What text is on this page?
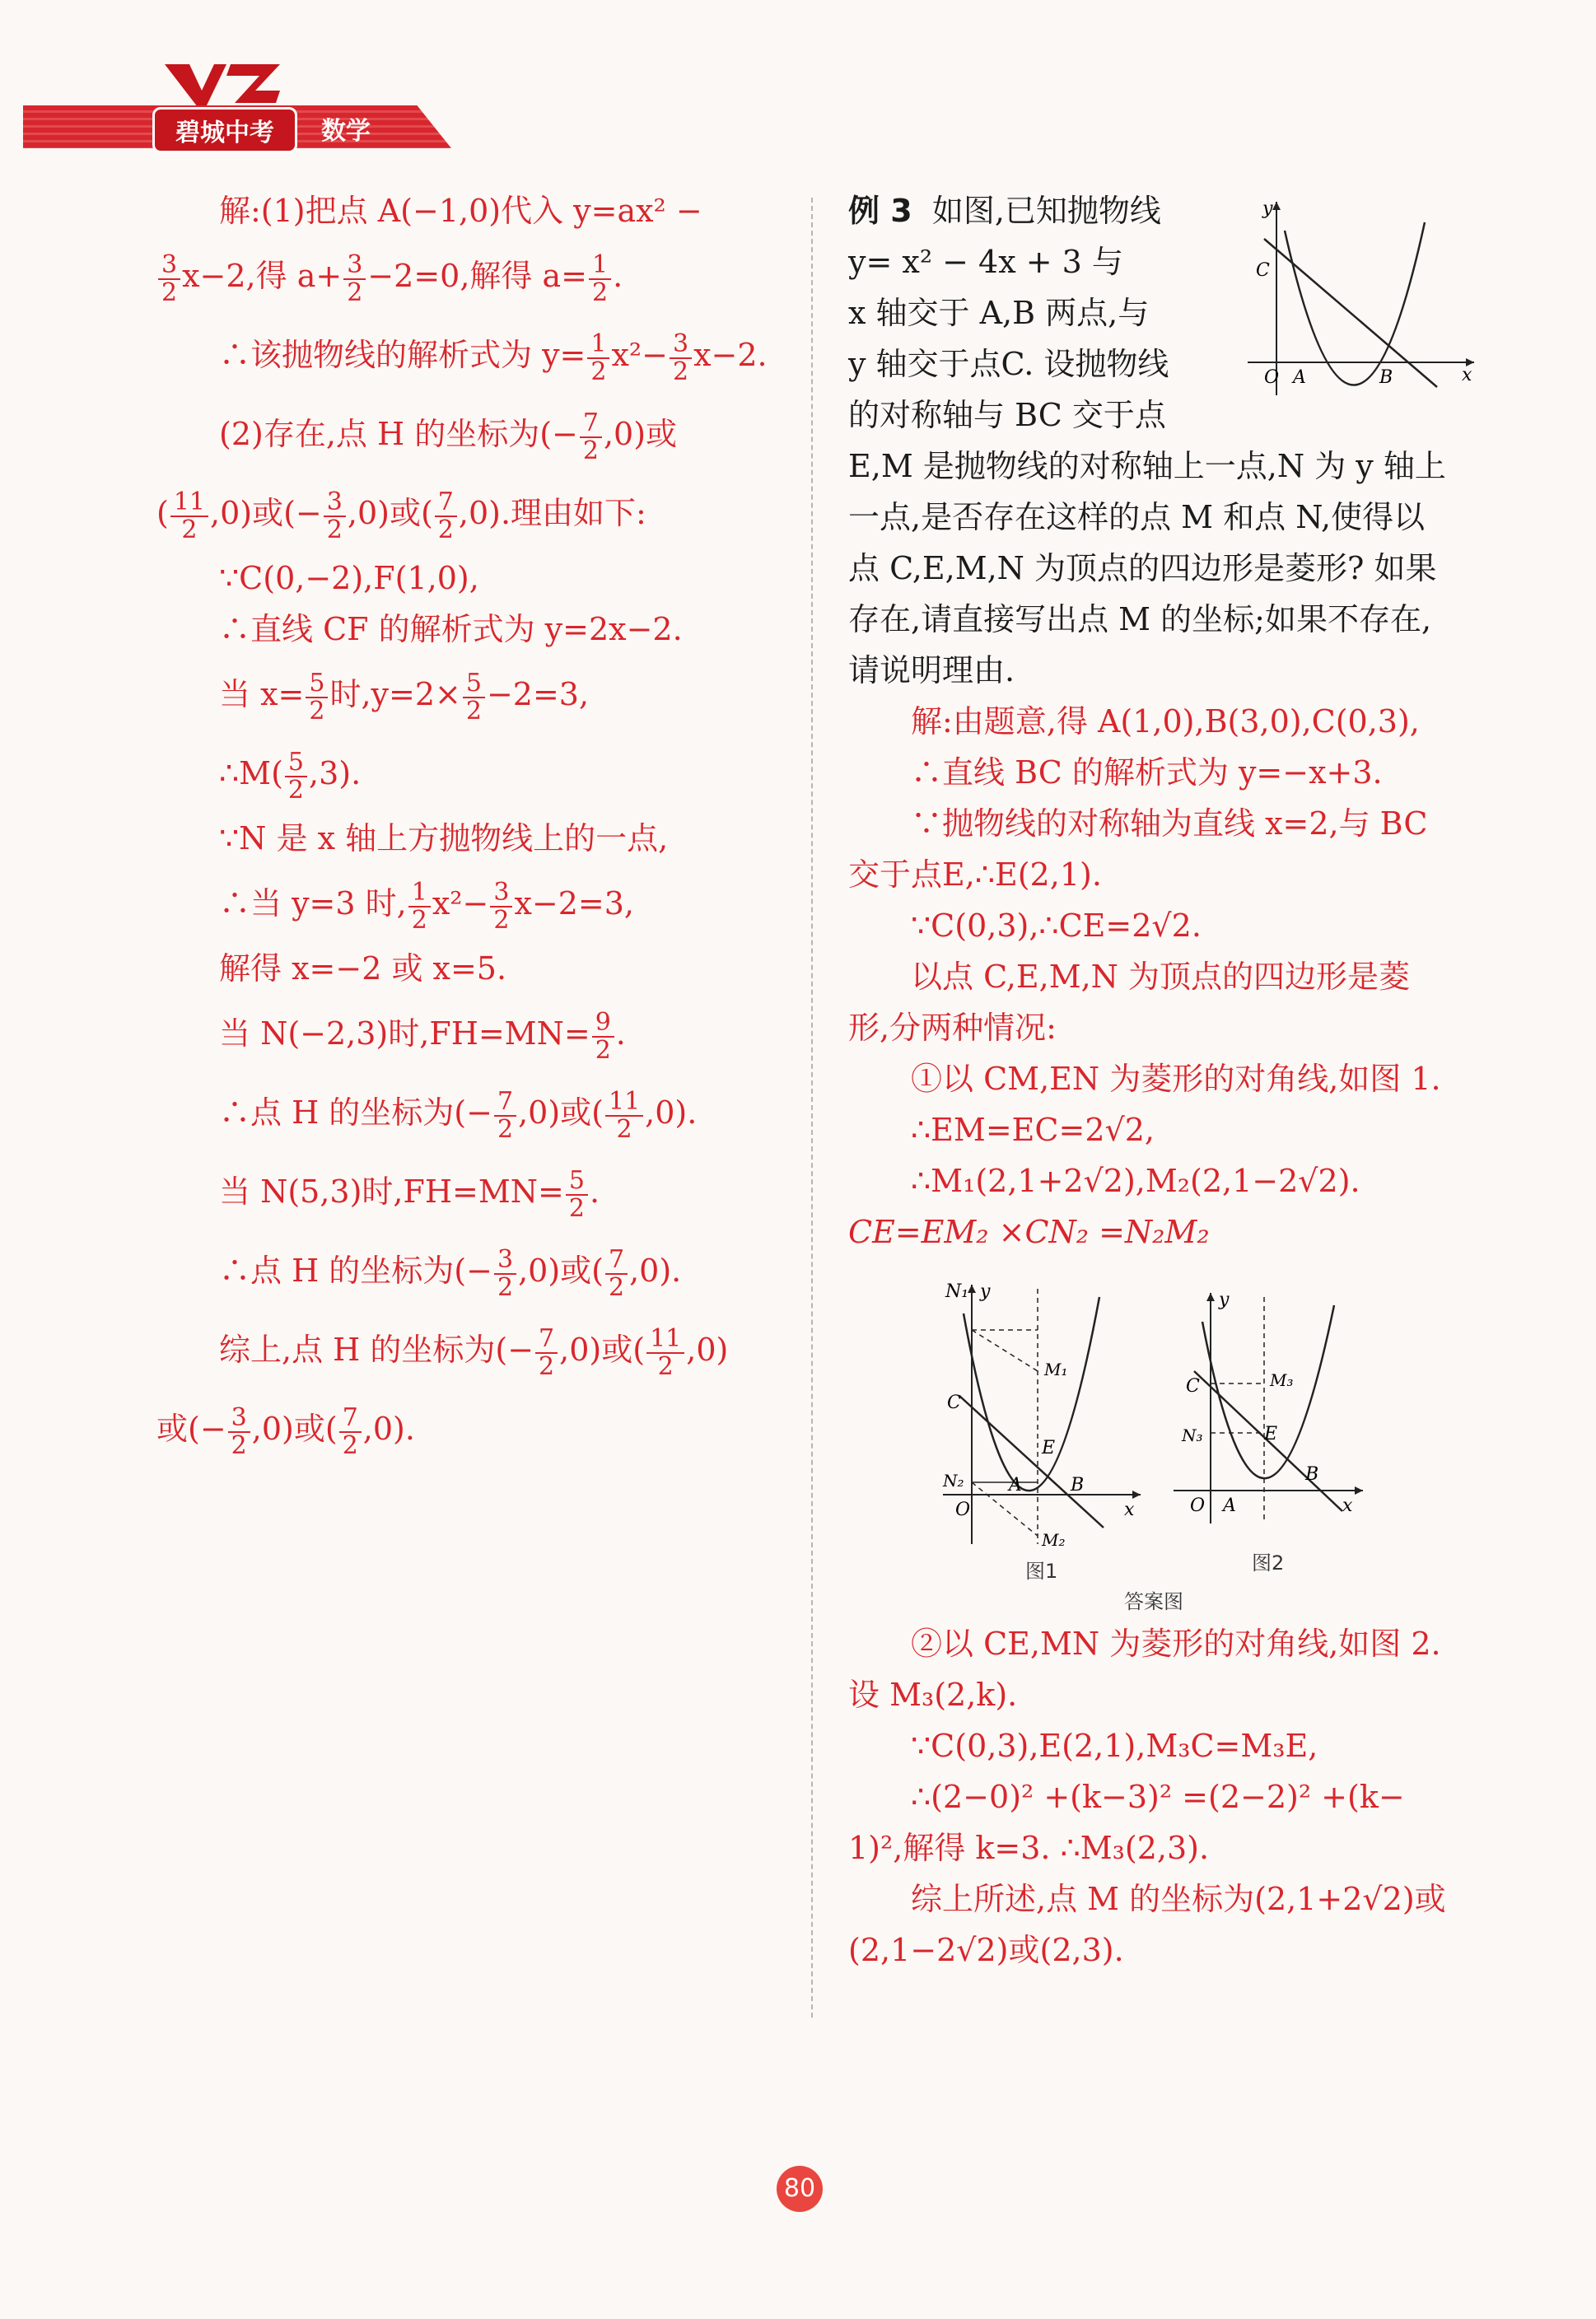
碧城中考	数学
解:(1)把点 A(−1,0)代入 y=ax² −
$\frac{3}{2} x-2$,得 $a+ \frac{3}{2} -2=0$,解得 $a= \frac{1}{2}$ .
∴该抛物线的解析式为 $y= \frac{1}{2} x^2- \frac{3}{2} x-2$.
(2)存在,点 H 的坐标为(− $\frac{7}{2} ,0$)或
( $\frac{11}{2} ,0$)或(− $\frac{3}{2} ,0$)或( $\frac{7}{2} ,0$).理由如下:
∵C(0,−2),F(1,0),
∴直线 CF 的解析式为 y=2x−2.
当 $x= \frac{5}{2}$ 时$,y=2\times \frac{5}{2} -2=3$,
∴M( $\frac{5}{2} ,3$).
∵N 是 x 轴上方抛物线上的一点,
∴当 y=3 时, $\frac{1}{2} x^2- \frac{3}{2} x-2=3$,
解得 x=−2 或 x=5.
当 N(−2,3)时$,FH=MN= \frac{9}{2}$ .
∴点 H 的坐标为(− $\frac{7}{2} ,0$)或( $\frac{11}{2} ,0$).
当 N(5,3)时$,FH=MN= \frac{5}{2}$ .
∴点 H 的坐标为(− $\frac{3}{2} ,0$)或( $\frac{7}{2} ,0$).
综上,点 H 的坐标为(− $\frac{7}{2} ,0$)或( $\frac{11}{2} ,0$)
或(− $\frac{3}{2} ,0$)或( $\frac{7}{2} ,0$).
例 3 如图,已知抛物线
y= x² − 4x + 3 与
x 轴交于 A,B 两点,与
y 轴交于点C. 设抛物线
的对称轴与 BC 交于点
E,M 是抛物线的对称轴上一点,N 为 y 轴上
一点,是否存在这样的点 M 和点 N,使得以
点 C,E,M,N 为顶点的四边形是菱形? 如果
存在,请直接写出点 M 的坐标;如果不存在,
请说明理由.
解:由题意,得 A(1,0),B(3,0),C(0,3),
∴直线 BC 的解析式为 y=−x+3.
∵抛物线的对称轴为直线 x=2,与 BC
交于点E,∴E(2,1).
∵C(0,3),∴CE=2√2.
以点 C,E,M,N 为顶点的四边形是菱
形,分两种情况:
①以 CM,EN 为菱形的对角线,如图 1.
∴EM=EC=2√2,
∴M₁(2,1+2√2),M₂(2,1−2√2).
CE=EM₂ ×CN₂ =N₂M₂
y
x
O A	B
C
N₁ y
M₁
C
E
N₂ A	B
O	x
M₂
y
C	M₃
E
N₃
B
O A	x
图1	图2
答案图
②以 CE,MN 为菱形的对角线,如图 2.
设 M₃(2,k).
∵C(0,3),E(2,1),M₃C=M₃E,
∴(2−0)² +(k−3)² =(2−2)² +(k−
1)²,解得 k=3. ∴M₃(2,3).
综上所述,点 M 的坐标为(2,1+2√2)或
(2,1−2√2)或(2,3).
80
